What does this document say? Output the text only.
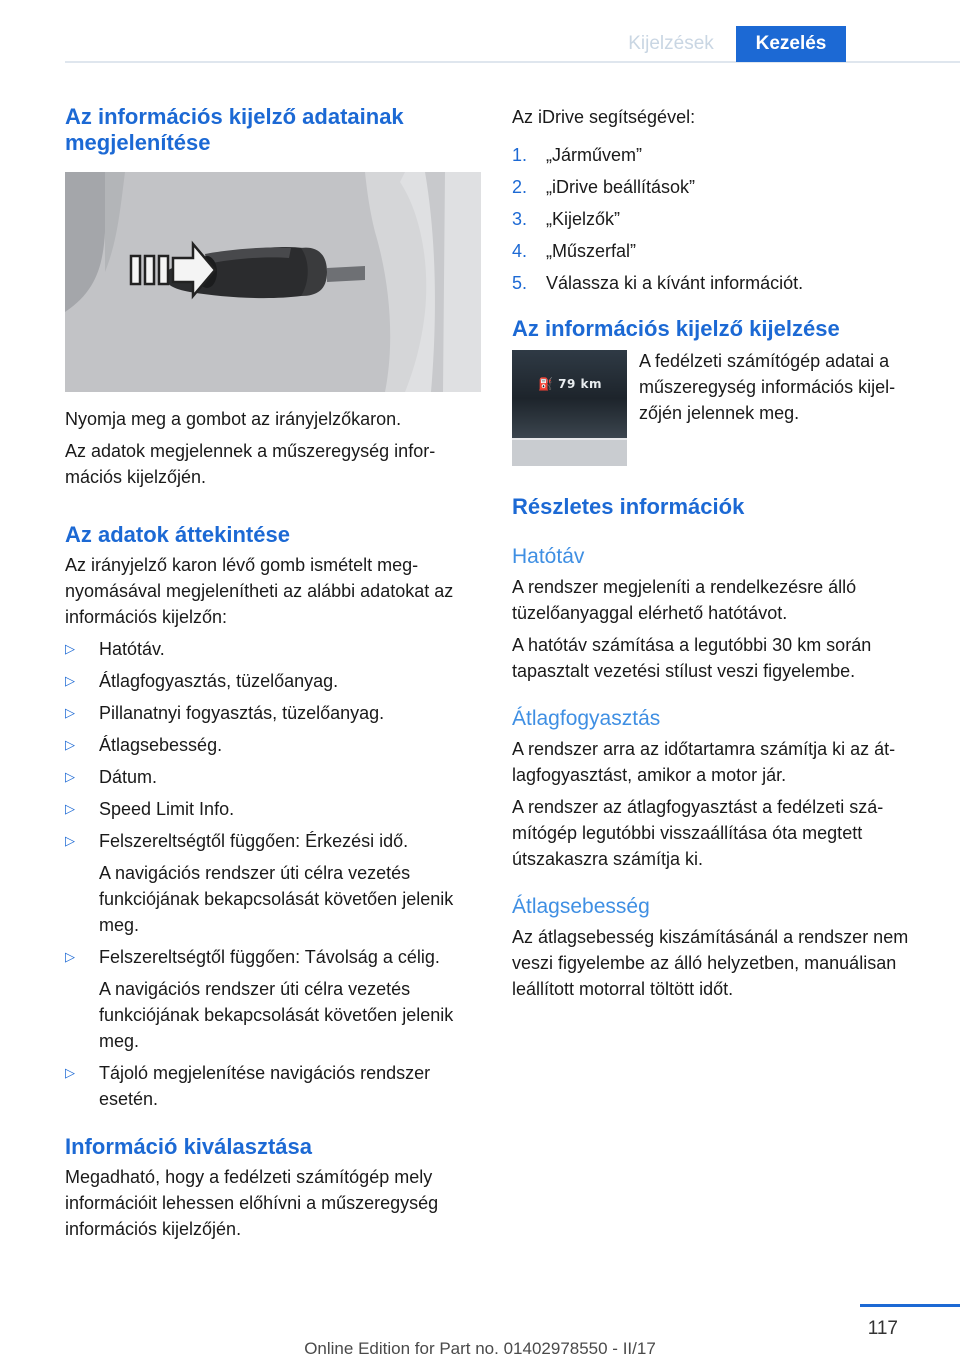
Kijelzések	Kezelés
Az információs kijelző adatainak megjelenítése

Nyomja meg a gombot az irányjelzőkaron.

Az adatok megjelennek a műszeregység információs kijelzőjén.

Az adatok áttekintése

Az irányjelző karon lévő gomb ismételt megnyomásával megjelenítheti az alábbi adatokat az információs kijelzőn:

▷ Hatótáv.
▷ Átlagfogyasztás, tüzelőanyag.
▷ Pillanatnyi fogyasztás, tüzelőanyag.
▷ Átlagsebesség.
▷ Dátum.
▷ Speed Limit Info.
▷ Felszereltségtől függően: Érkezési idő.
A navigációs rendszer úti célra vezetés funkciójának bekapcsolását követően jelenik meg.
▷ Felszereltségtől függően: Távolság a célig.
A navigációs rendszer úti célra vezetés funkciójának bekapcsolását követően jelenik meg.
▷ Tájoló megjelenítése navigációs rendszer esetén.
Információ kiválasztása

Megadható, hogy a fedélzeti számítógép mely információit lehessen előhívni a műszeregység információs kijelzőjén.

Az iDrive segítségével:

1. „Járművem”
2. „iDrive beállítások”
3. „Kijelzők”
4. „Műszerfal”
5. Válassza ki a kívánt információt.
Az információs kijelző kijelzése
⛽ 79 km

A fedélzeti számítógép adatai a műszeregység információs kijelzőjén jelennek meg.

Részletes információk
Hatótáv

A rendszer megjeleníti a rendelkezésre álló tüzelőanyaggal elérhető hatótávot.

A hatótáv számítása a legutóbbi 30 km során tapasztalt vezetési stílust veszi figyelembe.

Átlagfogyasztás

A rendszer arra az időtartamra számítja ki az átlagfogyasztást, amikor a motor jár.

A rendszer az átlagfogyasztást a fedélzeti számítógép legutóbbi visszaállítása óta megtett útszakaszra számítja ki.

Átlagsebesség

Az átlagsebesség kiszámításánál a rendszer nem veszi figyelembe az álló helyzetben, manuálisan leállított motorral töltött időt.

117
Online Edition for Part no. 01402978550 - II/17
